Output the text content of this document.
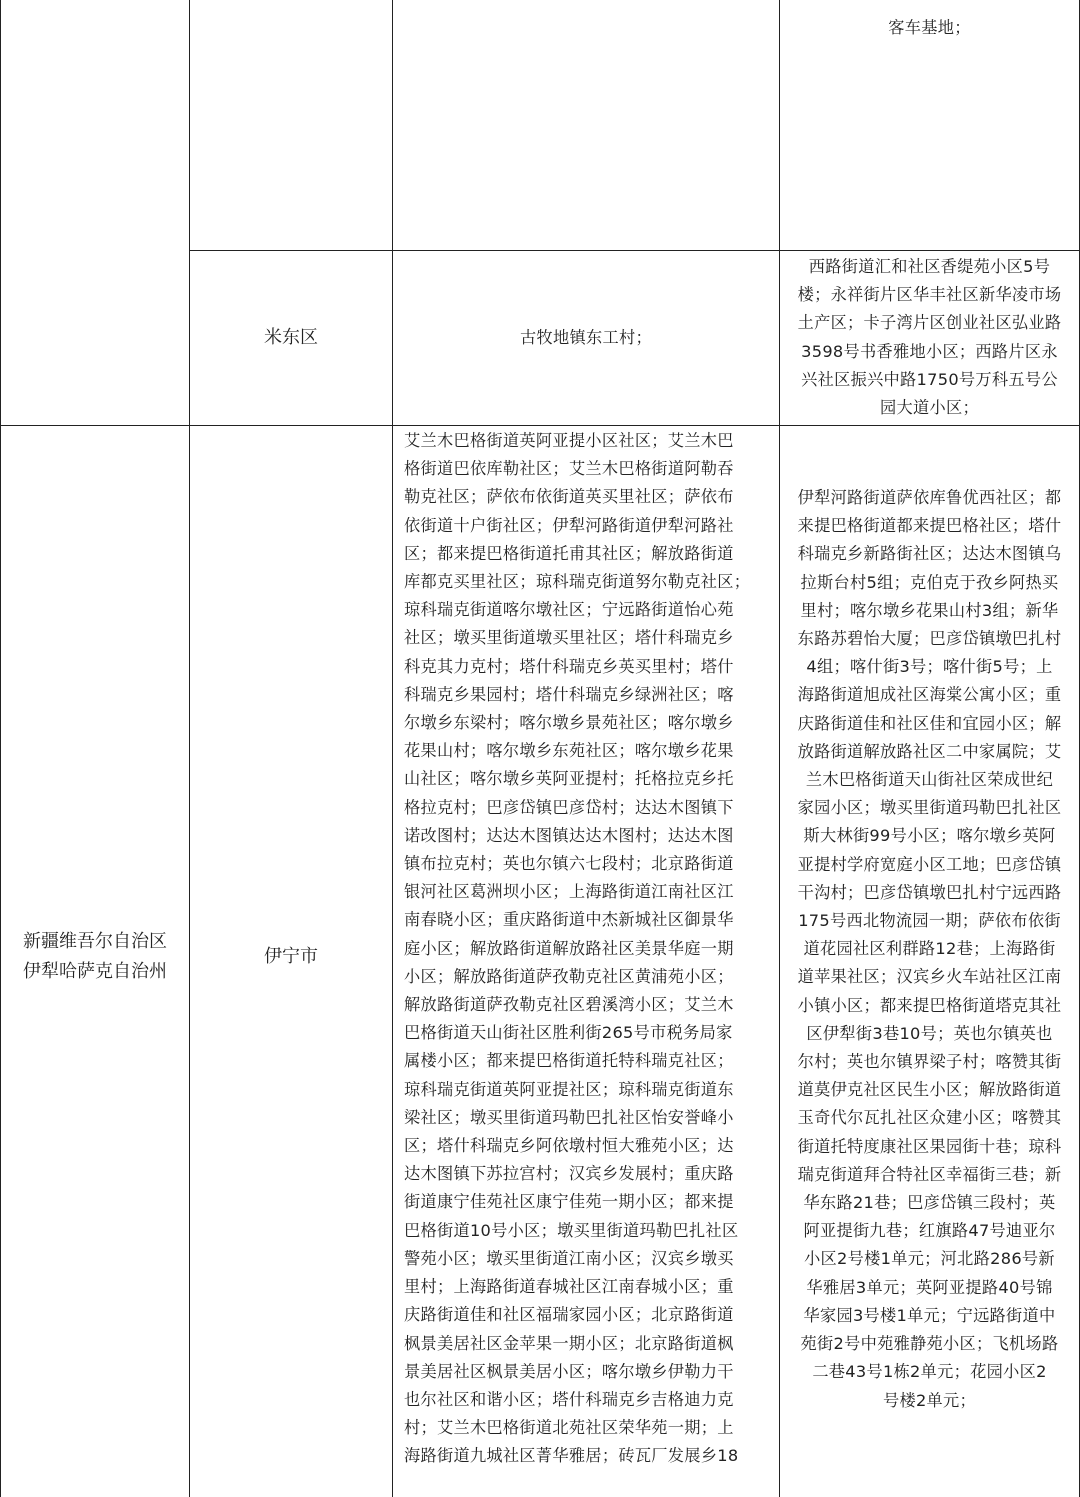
客车基地；
米东区	古牧地镇东工村；
西路街道汇和社区香缇苑小区5号
楼；永祥街片区华丰社区新华凌市场
土产区；卡子湾片区创业社区弘业路
3598号书香雅地小区；西路片区永
兴社区振兴中路1750号万科五号公
园大道小区；
新疆维吾尔自治区
伊犁哈萨克自治州
伊宁市
艾兰木巴格街道英阿亚提小区社区；艾兰木巴
格街道巴依库勒社区；艾兰木巴格街道阿勒吞
勒克社区；萨依布依街道英买里社区；萨依布
依街道十户街社区；伊犁河路街道伊犁河路社
区；都来提巴格街道托甫其社区；解放路街道
库都克买里社区；琼科瑞克街道努尔勒克社区；
琼科瑞克街道喀尔墩社区；宁远路街道怡心苑
社区；墩买里街道墩买里社区；塔什科瑞克乡
科克其力克村；塔什科瑞克乡英买里村；塔什
科瑞克乡果园村；塔什科瑞克乡绿洲社区；喀
尔墩乡东梁村；喀尔墩乡景苑社区；喀尔墩乡
花果山村；喀尔墩乡东苑社区；喀尔墩乡花果
山社区；喀尔墩乡英阿亚提村；托格拉克乡托
格拉克村；巴彦岱镇巴彦岱村；达达木图镇下
诺改图村；达达木图镇达达木图村；达达木图
镇布拉克村；英也尔镇六七段村；北京路街道
银河社区葛洲坝小区；上海路街道江南社区江
南春晓小区；重庆路街道中杰新城社区御景华
庭小区；解放路街道解放路社区美景华庭一期
小区；解放路街道萨孜勒克社区黄浦苑小区；
解放路街道萨孜勒克社区碧溪湾小区；艾兰木
巴格街道天山街社区胜利街265号市税务局家
属楼小区；都来提巴格街道托特科瑞克社区；
琼科瑞克街道英阿亚提社区；琼科瑞克街道东
梁社区；墩买里街道玛勒巴扎社区怡安誉峰小
区；塔什科瑞克乡阿依墩村恒大雅苑小区；达
达木图镇下苏拉宫村；汉宾乡发展村；重庆路
街道康宁佳苑社区康宁佳苑一期小区；都来提
巴格街道10号小区；墩买里街道玛勒巴扎社区
警苑小区；墩买里街道江南小区；汉宾乡墩买
里村；上海路街道春城社区江南春城小区；重
庆路街道佳和社区福瑞家园小区；北京路街道
枫景美居社区金苹果一期小区；北京路街道枫
景美居社区枫景美居小区；喀尔墩乡伊勒力干
也尔社区和谐小区；塔什科瑞克乡吉格迪力克
村；艾兰木巴格街道北苑社区荣华苑一期；上
海路街道九城社区菁华雅居；砖瓦厂发展乡18
伊犁河路街道萨依库鲁优西社区；都
来提巴格街道都来提巴格社区；塔什
科瑞克乡新路街社区；达达木图镇乌
拉斯台村5组；克伯克于孜乡阿热买
里村；喀尔墩乡花果山村3组；新华
东路苏碧怡大厦；巴彦岱镇墩巴扎村
4组；喀什街3号；喀什街5号；上
海路街道旭成社区海棠公寓小区；重
庆路街道佳和社区佳和宜园小区；解
放路街道解放路社区二中家属院；艾
兰木巴格街道天山街社区荣成世纪
家园小区；墩买里街道玛勒巴扎社区
斯大林街99号小区；喀尔墩乡英阿
亚提村学府宽庭小区工地；巴彦岱镇
干沟村；巴彦岱镇墩巴扎村宁远西路
175号西北物流园一期；萨依布依街
道花园社区利群路12巷；上海路街
道苹果社区；汉宾乡火车站社区江南
小镇小区；都来提巴格街道塔克其社
区伊犁街3巷10号；英也尔镇英也
尔村；英也尔镇界梁子村；喀赞其街
道莫伊克社区民生小区；解放路街道
玉奇代尔瓦扎社区众建小区；喀赞其
街道托特度康社区果园街十巷；琼科
瑞克街道拜合特社区幸福街三巷；新
华东路21巷；巴彦岱镇三段村；英
阿亚提街九巷；红旗路47号迪亚尔
小区2号楼1单元；河北路286号新
华雅居3单元；英阿亚提路40号锦
华家园3号楼1单元；宁远路街道中
苑街2号中苑雅静苑小区；飞机场路
二巷43号1栋2单元；花园小区2
号楼2单元；
